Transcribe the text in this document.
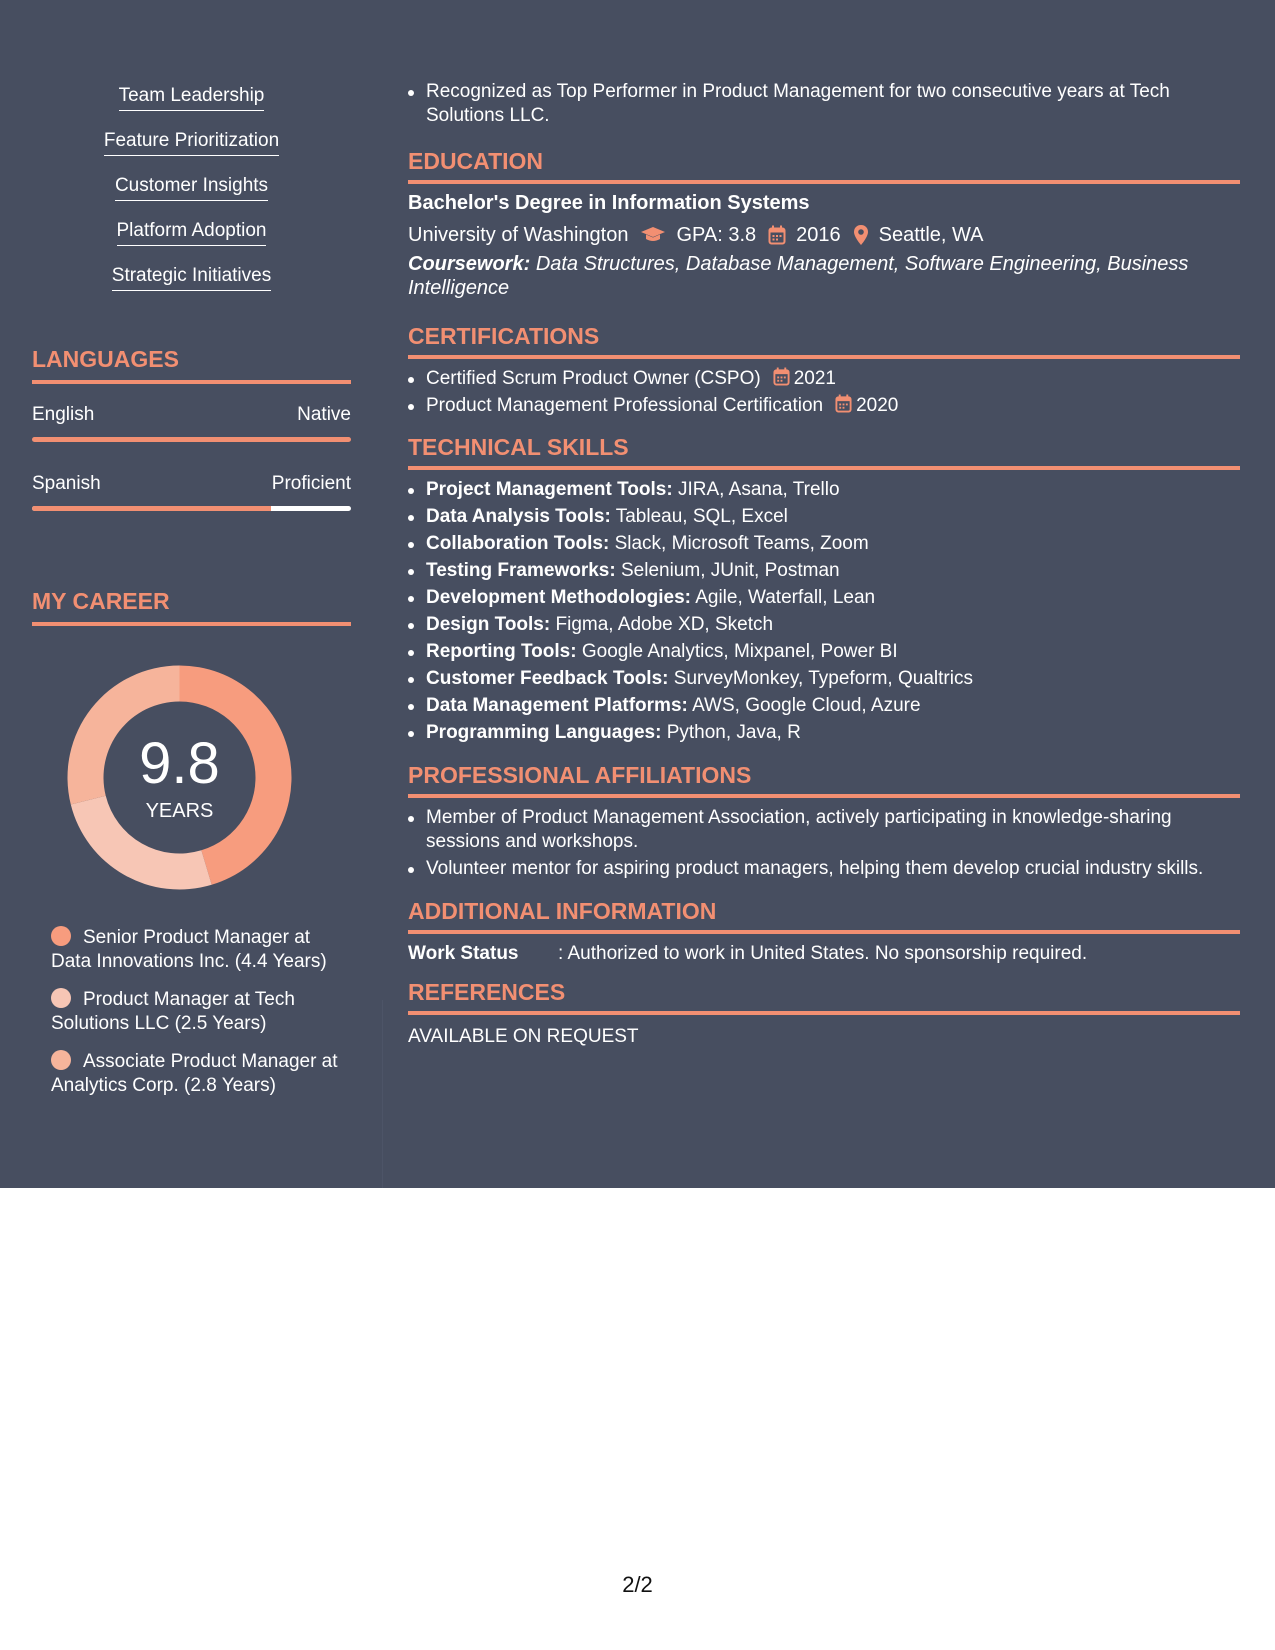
Team Leadership
Feature Prioritization
Customer Insights
Platform Adoption
Strategic Initiatives
LANGUAGES
English	Native
Spanish	Proficient
MY CAREER
9.8
YEARS
Senior Product Manager at Data Innovations Inc. (4.4 Years)
Product Manager at Tech Solutions LLC (2.5 Years)
Associate Product Manager at Analytics Corp. (2.8 Years)
Recognized as Top Performer in Product Management for two consecutive years at Tech Solutions LLC.
EDUCATION
Bachelor's Degree in Information Systems
University of Washington GPA: 3.8 2016 Seattle, WA
Coursework: Data Structures, Database Management, Software Engineering, Business Intelligence
CERTIFICATIONS
Certified Scrum Product Owner (CSPO) 2021
Product Management Professional Certification 2020
TECHNICAL SKILLS
Project Management Tools: JIRA, Asana, Trello
Data Analysis Tools: Tableau, SQL, Excel
Collaboration Tools: Slack, Microsoft Teams, Zoom
Testing Frameworks: Selenium, JUnit, Postman
Development Methodologies: Agile, Waterfall, Lean
Design Tools: Figma, Adobe XD, Sketch
Reporting Tools: Google Analytics, Mixpanel, Power BI
Customer Feedback Tools: SurveyMonkey, Typeform, Qualtrics
Data Management Platforms: AWS, Google Cloud, Azure
Programming Languages: Python, Java, R
PROFESSIONAL AFFILIATIONS
Member of Product Management Association, actively participating in knowledge-sharing sessions and workshops.
Volunteer mentor for aspiring product managers, helping them develop crucial industry skills.
ADDITIONAL INFORMATION
Work Status : Authorized to work in United States. No sponsorship required.
REFERENCES
AVAILABLE ON REQUEST
2/2
